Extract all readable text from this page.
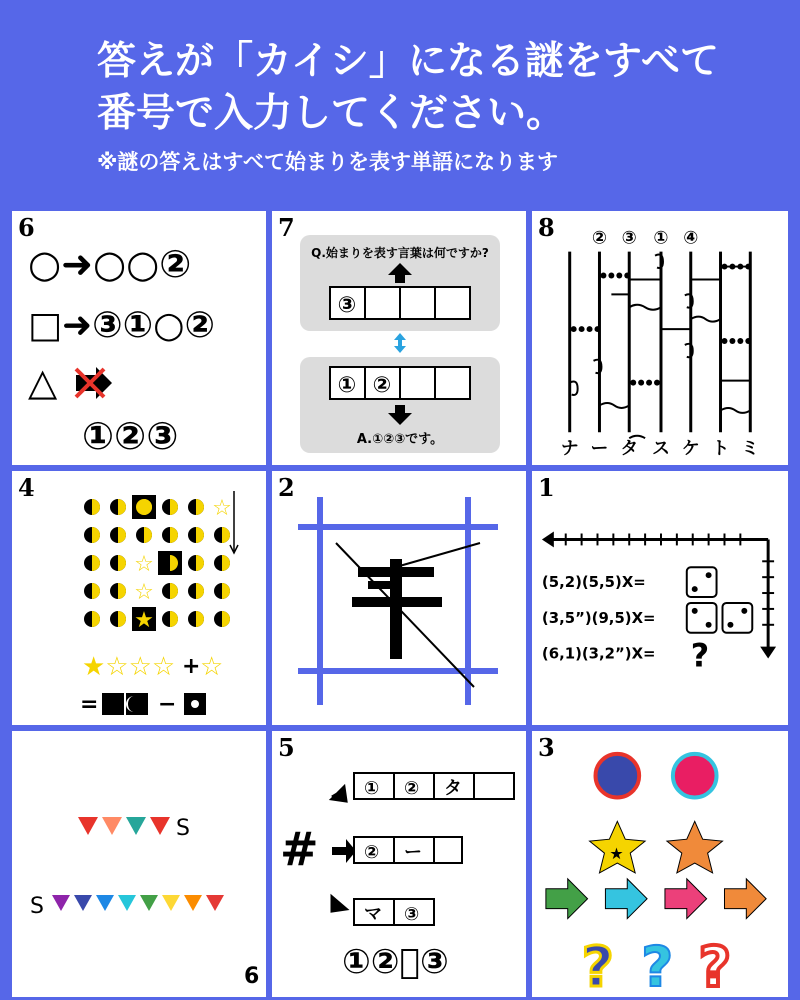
答えが「カイシ」になる謎をすべて
番号で入力してください。
※謎の答えはすべて始まりを表す単語になります
6
○➜○○②
□➜③①○②
△
①②③
7
Q.始まりを表す言葉は何ですか?
③
① ②
A.①②③です。
8 ② ③ ① ④
ナ ー タ ス ケ ト ミ
4
★☆☆☆ + ☆
=	−
☆
☆
☆
★
2	1
(5,2)(5,5)X=
(3,5”)(9,5)X=
(6,1)(3,2”)X= ?
S
S
6
5
#
① ② タ
② ー
マ ③
①②゙③
3
★
? ? ?
